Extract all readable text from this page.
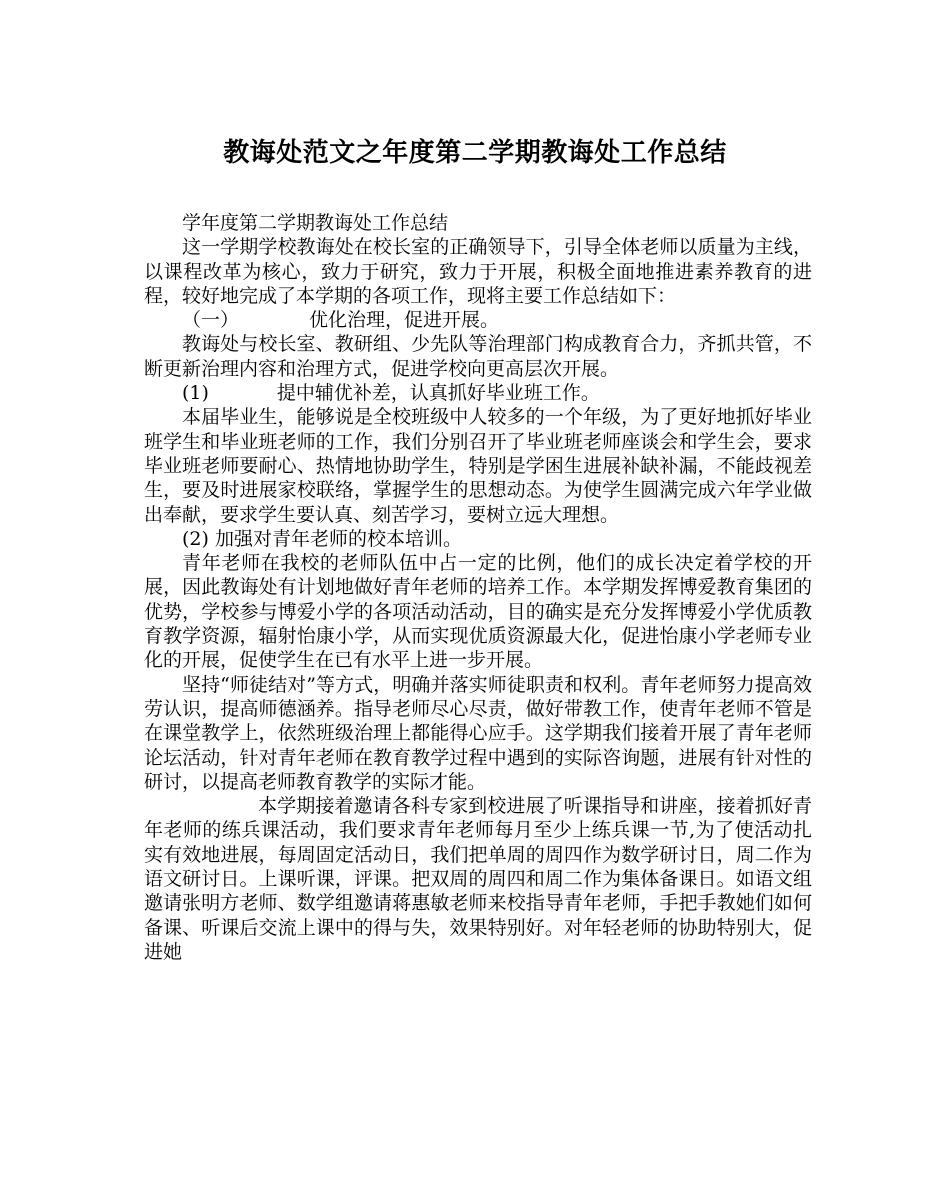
教诲处范文之年度第二学期教诲处工作总结

学年度第二学期教诲处工作总结

这一学期学校教诲处在校长室的正确领导下，引导全体老师以质量为主线，以课程改革为核心，致力于研究，致力于开展，积极全面地推进素养教育的进程，较好地完成了本学期的各项工作，现将主要工作总结如下：

（一）	优化治理，促进开展。

教诲处与校长室、教研组、少先队等治理部门构成教育合力，齐抓共管，不断更新治理内容和治理方式，促进学校向更高层次开展。

(1)	提中辅优补差，认真抓好毕业班工作。

本届毕业生，能够说是全校班级中人较多的一个年级，为了更好地抓好毕业班学生和毕业班老师的工作，我们分别召开了毕业班老师座谈会和学生会，要求毕业班老师要耐心、热情地协助学生，特别是学困生进展补缺补漏，不能歧视差生，要及时进展家校联络，掌握学生的思想动态。为使学生圆满完成六年学业做出奉献，要求学生要认真、刻苦学习，要树立远大理想。

(2) 加强对青年老师的校本培训。

青年老师在我校的老师队伍中占一定的比例，他们的成长决定着学校的开展，因此教诲处有计划地做好青年老师的培养工作。本学期发挥博爱教育集团的优势，学校参与博爱小学的各项活动活动，目的确实是充分发挥博爱小学优质教育教学资源，辐射怡康小学，从而实现优质资源最大化，促进怡康小学老师专业化的开展，促使学生在已有水平上进一步开展。

坚持“师徒结对”等方式，明确并落实师徒职责和权利。青年老师努力提高效劳认识，提高师德涵养。指导老师尽心尽责，做好带教工作，使青年老师不管是在课堂教学上，依然班级治理上都能得心应手。这学期我们接着开展了青年老师论坛活动，针对青年老师在教育教学过程中遇到的实际咨询题，进展有针对性的研讨，以提高老师教育教学的实际才能。

本学期接着邀请各科专家到校进展了听课指导和讲座，接着抓好青年老师的练兵课活动，我们要求青年老师每月至少上练兵课一节,为了使活动扎实有效地进展，每周固定活动日，我们把单周的周四作为数学研讨日，周二作为语文研讨日。上课听课，评课。把双周的周四和周二作为集体备课日。如语文组邀请张明方老师、数学组邀请蒋惠敏老师来校指导青年老师，手把手教她们如何备课、听课后交流上课中的得与失，效果特别好。对年轻老师的协助特别大，促进她
